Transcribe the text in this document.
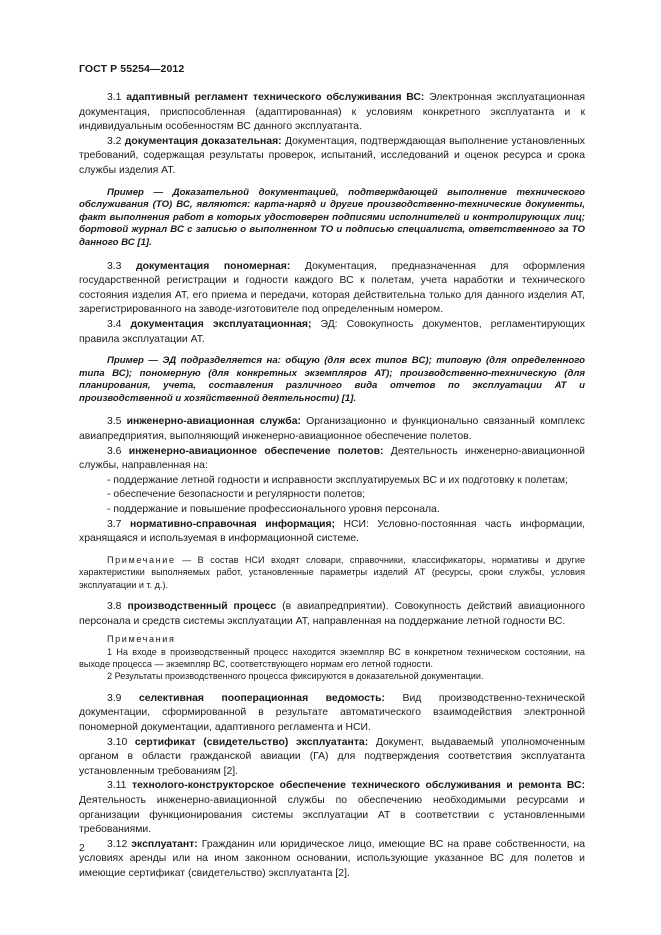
ГОСТ Р 55254—2012

3.1 адаптивный регламент технического обслуживания ВС: Электронная эксплуатационная документация, приспособленная (адаптированная) к условиям конкретного эксплуатанта и к индивидуальным особенностям ВС данного эксплуатанта.

3.2 документация доказательная: Документация, подтверждающая выполнение установленных требований, содержащая результаты проверок, испытаний, исследований и оценок ресурса и срока службы изделия АТ.

Пример — Доказательной документацией, подтверждающей выполнение технического обслуживания (ТО) ВС, являются: карта-наряд и другие производственно-технические документы, факт выполнения работ в которых удостоверен подписями исполнителей и контролирующих лиц; бортовой журнал ВС с записью о выполненном ТО и подписью специалиста, ответственного за ТО данного ВС [1].

3.3 документация пономерная: Документация, предназначенная для оформления государственной регистрации и годности каждого ВС к полетам, учета наработки и технического состояния изделия АТ, его приема и передачи, которая действительна только для данного изделия АТ, зарегистрированного на заводе-изготовителе под определенным номером.

3.4 документация эксплуатационная; ЭД: Совокупность документов, регламентирующих правила эксплуатации АТ.

Пример — ЭД подразделяется на: общую (для всех типов ВС); типовую (для определенного типа ВС); пономерную (для конкретных экземпляров АТ); производственно-техническую (для планирования, учета, составления различного вида отчетов по эксплуатации АТ и производственной и хозяйственной деятельности) [1].

3.5 инженерно-авиационная служба: Организационно и функционально связанный комплекс авиапредприятия, выполняющий инженерно-авиационное обеспечение полетов.

3.6 инженерно-авиационное обеспечение полетов: Деятельность инженерно-авиационной службы, направленная на:

- поддержание летной годности и исправности эксплуатируемых ВС и их подготовку к полетам;

- обеспечение безопасности и регулярности полетов;

- поддержание и повышение профессионального уровня персонала.

3.7 нормативно-справочная информация; НСИ: Условно-постоянная часть информации, хранящаяся и используемая в информационной системе.

Примечание — В состав НСИ входят словари, справочники, классификаторы, нормативы и другие характеристики выполняемых работ, установленные параметры изделий АТ (ресурсы, сроки службы, условия эксплуатации и т. д.).

3.8 производственный процесс (в авиапредприятии). Совокупность действий авиационного персонала и средств системы эксплуатации АТ, направленная на поддержание летной годности ВС.

Примечания

1 На входе в производственный процесс находится экземпляр ВС в конкретном техническом состоянии, на выходе процесса — экземпляр ВС, соответствующего нормам его летной годности.

2 Результаты производственного процесса фиксируются в доказательной документации.

3.9 селективная пооперационная ведомость: Вид производственно-технической документации, сформированной в результате автоматического взаимодействия электронной пономерной документации, адаптивного регламента и НСИ.

3.10 сертификат (свидетельство) эксплуатанта: Документ, выдаваемый уполномоченным органом в области гражданской авиации (ГА) для подтверждения соответствия эксплуатанта установленным требованиям [2].

3.11 технолого-конструкторское обеспечение технического обслуживания и ремонта ВС: Деятельность инженерно-авиационной службы по обеспечению необходимыми ресурсами и организации функционирования системы эксплуатации АТ в соответствии с установленными требованиями.

3.12 эксплуатант: Гражданин или юридическое лицо, имеющие ВС на праве собственности, на условиях аренды или на ином законном основании, использующие указанное ВС для полетов и имеющие сертификат (свидетельство) эксплуатанта [2].

2
